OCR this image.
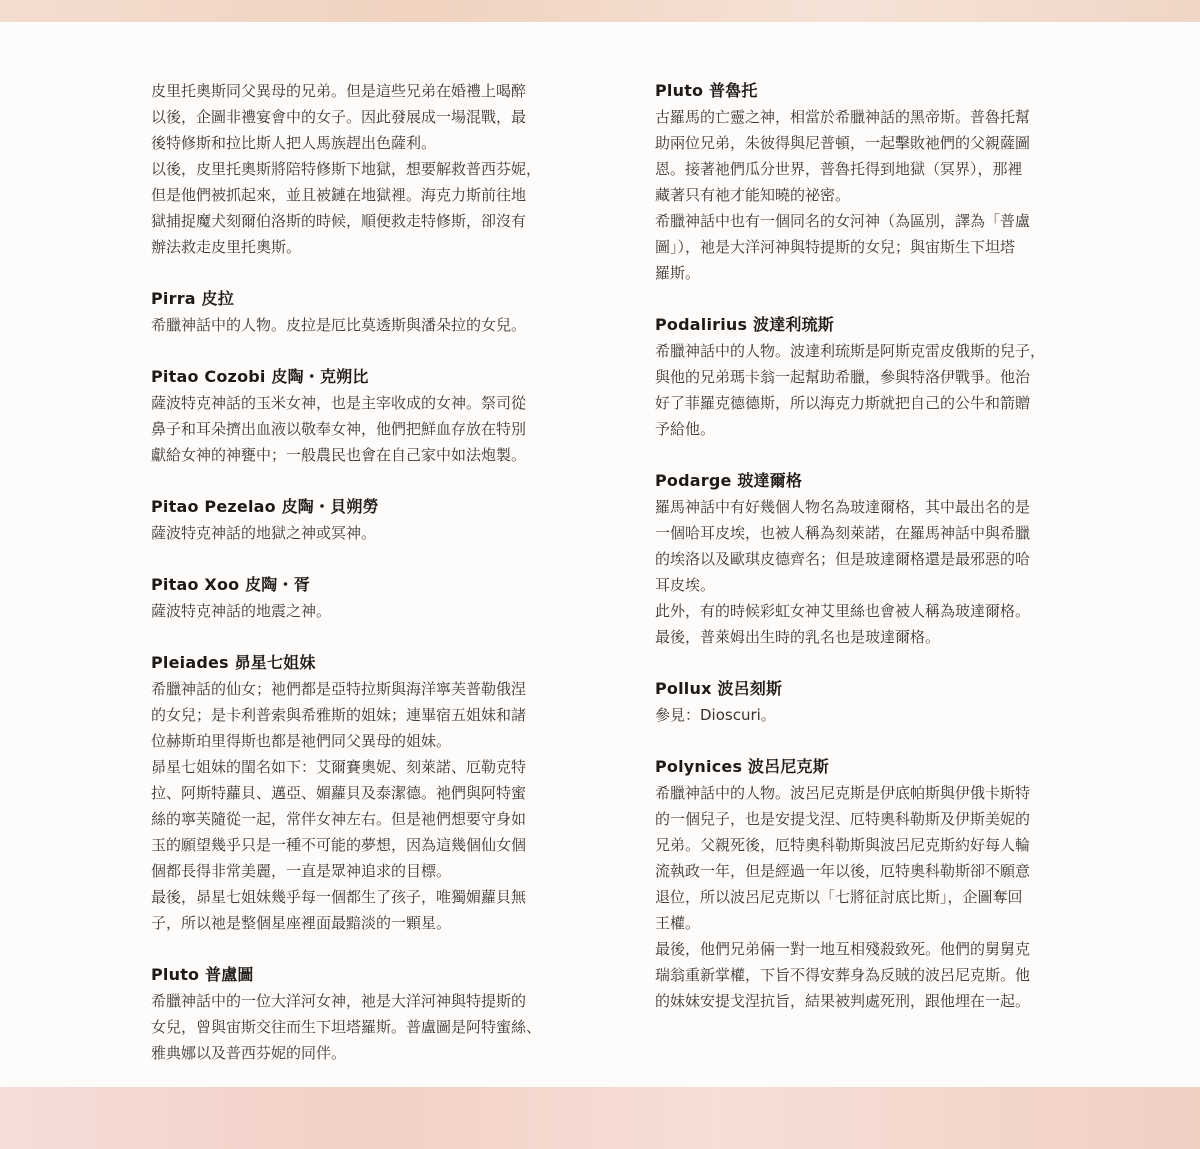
皮里托奧斯同父異母的兄弟。但是這些兄弟在婚禮上喝醉
以後，企圖非禮宴會中的女子。因此發展成一場混戰，最
後特修斯和拉比斯人把人馬族趕出色薩利。
以後，皮里托奧斯將陪特修斯下地獄，想要解救普西芬妮，
但是他們被抓起來，並且被鏈在地獄裡。海克力斯前往地
獄捕捉魔犬刻爾伯洛斯的時候，順便救走特修斯，卻沒有
辦法救走皮里托奧斯。
Pirra 皮拉
希臘神話中的人物。皮拉是厄比莫透斯與潘朵拉的女兒。
Pitao Cozobi 皮陶・克朔比
薩波特克神話的玉米女神，也是主宰收成的女神。祭司從
鼻子和耳朵擠出血液以敬奉女神，他們把鮮血存放在特別
獻給女神的神甕中；一般農民也會在自己家中如法炮製。
Pitao Pezelao 皮陶・貝朔勞
薩波特克神話的地獄之神或冥神。
Pitao Xoo 皮陶・胥
薩波特克神話的地震之神。
Pleiades 昴星七姐妹
希臘神話的仙女；祂們都是亞特拉斯與海洋寧芙普勒俄涅
的女兒；是卡利普索與希雅斯的姐妹；連畢宿五姐妹和諸
位赫斯珀里得斯也都是祂們同父異母的姐妹。
昴星七姐妹的閨名如下：艾爾賽奧妮、刻萊諾、厄勒克特
拉、阿斯特蘿貝、邁亞、媚蘿貝及泰潔德。祂們與阿特蜜
絲的寧芙隨從一起，常伴女神左右。但是祂們想要守身如
玉的願望幾乎只是一種不可能的夢想，因為這幾個仙女個
個都長得非常美麗，一直是眾神追求的目標。
最後，昴星七姐妹幾乎每一個都生了孩子，唯獨媚蘿貝無
子，所以祂是整個星座裡面最黯淡的一顆星。
Pluto 普盧圖
希臘神話中的一位大洋河女神，祂是大洋河神與特提斯的
女兒，曾與宙斯交往而生下坦塔羅斯。普盧圖是阿特蜜絲、
雅典娜以及普西芬妮的同伴。
Pluto 普魯托
古羅馬的亡靈之神，相當於希臘神話的黑帝斯。普魯托幫
助兩位兄弟，朱彼得與尼普頓，一起擊敗祂們的父親薩圖
恩。接著祂們瓜分世界，普魯托得到地獄（冥界），那裡
藏著只有祂才能知曉的祕密。
希臘神話中也有一個同名的女河神（為區別，譯為「普盧
圖」），祂是大洋河神與特提斯的女兒；與宙斯生下坦塔
羅斯。
Podalirius 波達利琉斯
希臘神話中的人物。波達利琉斯是阿斯克雷皮俄斯的兒子，
與他的兄弟瑪卡翁一起幫助希臘，參與特洛伊戰爭。他治
好了菲羅克德德斯，所以海克力斯就把自己的公牛和箭贈
予給他。
Podarge 玻達爾格
羅馬神話中有好幾個人物名為玻達爾格，其中最出名的是
一個哈耳皮埃，也被人稱為刻萊諾，在羅馬神話中與希臘
的埃洛以及歐琪皮德齊名；但是玻達爾格還是最邪惡的哈
耳皮埃。
此外，有的時候彩虹女神艾里絲也會被人稱為玻達爾格。
最後，普萊姆出生時的乳名也是玻達爾格。
Pollux 波呂刻斯
參見：Dioscuri。
Polynices 波呂尼克斯
希臘神話中的人物。波呂尼克斯是伊底帕斯與伊俄卡斯特
的一個兒子，也是安提戈涅、厄特奧科勒斯及伊斯美妮的
兄弟。父親死後，厄特奧科勒斯與波呂尼克斯約好每人輪
流執政一年，但是經過一年以後，厄特奧科勒斯卻不願意
退位，所以波呂尼克斯以「七將征討底比斯」，企圖奪回
王權。
最後，他們兄弟倆一對一地互相殘殺致死。他們的舅舅克
瑞翁重新掌權，下旨不得安葬身為反賊的波呂尼克斯。他
的妹妹安提戈涅抗旨，結果被判處死刑，跟他埋在一起。
